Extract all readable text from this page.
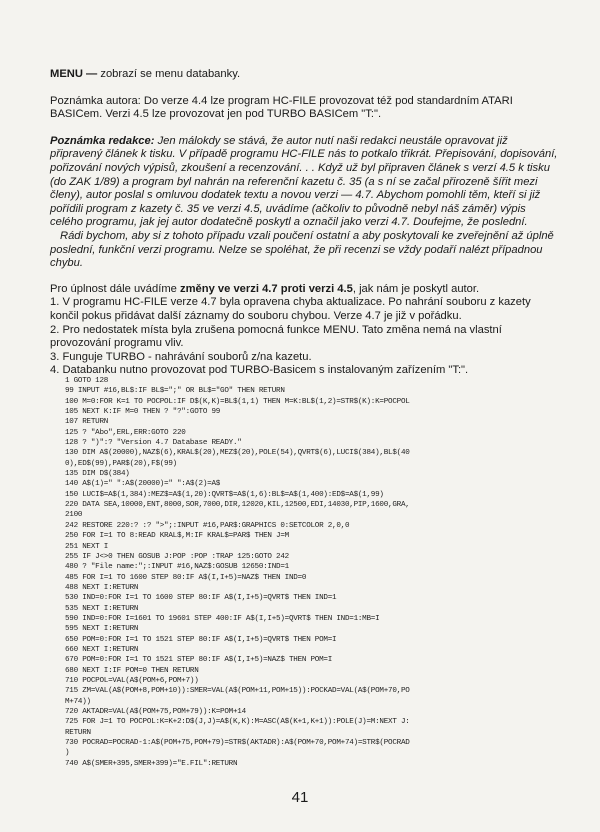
MENU — zobrazí se menu databanky.

Poznámka autora: Do verze 4.4 lze program HC-FILE provozovat též pod standardním ATARI BASICem. Verzi 4.5 lze provozovat jen pod TURBO BASICem "T:".

Poznámka redakce: Jen málokdy se stává, že autor nutí naši redakci neustále opravovat již připravený článek k tisku. V případě programu HC-FILE nás to potkalo třikrát. Přepisování, dopisování, pořizování nových výpisů, zkoušení a recenzování. . . Když už byl připraven článek s verzí 4.5 k tisku (do ZAK 1/89) a program byl nahrán na referenční kazetu č. 35 (a s ní se začal přirozeně šířit mezi členy), autor poslal s omluvou dodatek textu a novou verzi — 4.7. Abychom pomohli těm, kteří si již pořídili program z kazety č. 35 ve verzi 4.5, uvádíme (ačkoliv to původně nebyl náš záměr) výpis celého programu, jak jej autor dodatečně poskytl a označil jako verzi 4.7. Doufejme, že poslední.

Rádi bychom, aby si z tohoto případu vzali poučení ostatní a aby poskytovali ke zveřejnění až úplně poslední, funkční verzi programu. Nelze se spoléhat, že při recenzi se vždy podaří nalézt případnou chybu.

Pro úplnost dále uvádíme změny ve verzi 4.7 proti verzi 4.5, jak nám je poskytl autor.

1. V programu HC-FILE verze 4.7 byla opravena chyba aktualizace. Po nahrání souboru z kazety končil pokus přidávat další záznamy do souboru chybou. Verze 4.7 je již v pořádku.

2. Pro nedostatek místa byla zrušena pomocná funkce MENU. Tato změna nemá na vlastní provozování programu vliv.

3. Funguje TURBO - nahrávání souborů z/na kazetu.

4. Databanku nutno provozovat pod TURBO-Basicem s instalovaným zařízením "T:".

1 GOTO 128
99 INPUT #16,BL$:IF BL$=";" OR BL$="GO" THEN RETURN
100 M=0:FOR K=1 TO POCPOL:IF D$(K,K)=BL$(1,1) THEN M=K:BL$(1,2)=STR$(K):K=POCPOL
105 NEXT K:IF M=0 THEN ? "?":GOTO 99
107 RETURN
125 ? "Abo",ERL,ERR:GOTO 220
128 ? ")":? "Version 4.7 Database READY."
130 DIM A$(20000),NAZ$(6),KRAL$(20),MEZ$(20),POLE(54),QVRT$(6),LUCI$(384),BL$(40
0),ED$(99),PAR$(20),F$(99)
135 DIM D$(384)
140 A$(1)=" ":A$(20000)=" ":A$(2)=A$
150 LUCI$=A$(1,384):MEZ$=A$(1,20):QVRT$=A$(1,6):BL$=A$(1,400):ED$=A$(1,99)
220 DATA SEA,10000,ENT,8000,SOR,7000,DIR,12020,KIL,12500,EDI,14030,PIP,1600,GRA,
2100
242 RESTORE 220:? :? ">";:INPUT #16,PAR$:GRAPHICS 0:SETCOLOR 2,0,0
250 FOR I=1 TO 8:READ KRAL$,M:IF KRAL$=PAR$ THEN J=M
251 NEXT I
255 IF J<>0 THEN GOSUB J:POP :POP :TRAP 125:GOTO 242
480 ? "File name:";:INPUT #16,NAZ$:GOSUB 12650:IND=1
485 FOR I=1 TO 1600 STEP 80:IF A$(I,I+5)=NAZ$ THEN IND=0
488 NEXT I:RETURN
530 IND=0:FOR I=1 TO 1600 STEP 80:IF A$(I,I+5)=QVRT$ THEN IND=1
535 NEXT I:RETURN
590 IND=0:FOR I=1601 TO 19601 STEP 400:IF A$(I,I+5)=QVRT$ THEN IND=1:MB=I
595 NEXT I:RETURN
650 POM=0:FOR I=1 TO 1521 STEP 80:IF A$(I,I+5)=QVRT$ THEN POM=I
660 NEXT I:RETURN
670 POM=0:FOR I=1 TO 1521 STEP 80:IF A$(I,I+5)=NAZ$ THEN POM=I
680 NEXT I:IF POM=0 THEN RETURN
710 POCPOL=VAL(A$(POM+6,POM+7))
715 ZM=VAL(A$(POM+8,POM+10)):SMER=VAL(A$(POM+11,POM+15)):POCKAD=VAL(A$(POM+70,PO
M+74))
720 AKTADR=VAL(A$(POM+75,POM+79)):K=POM+14
725 FOR J=1 TO POCPOL:K=K+2:D$(J,J)=A$(K,K):M=ASC(A$(K+1,K+1)):POLE(J)=M:NEXT J:
RETURN
730 POCRAD=POCRAD-1:A$(POM+75,POM+79)=STR$(AKTADR):A$(POM+70,POM+74)=STR$(POCRAD
)
740 A$(SMER+395,SMER+399)="E.FIL":RETURN
41
